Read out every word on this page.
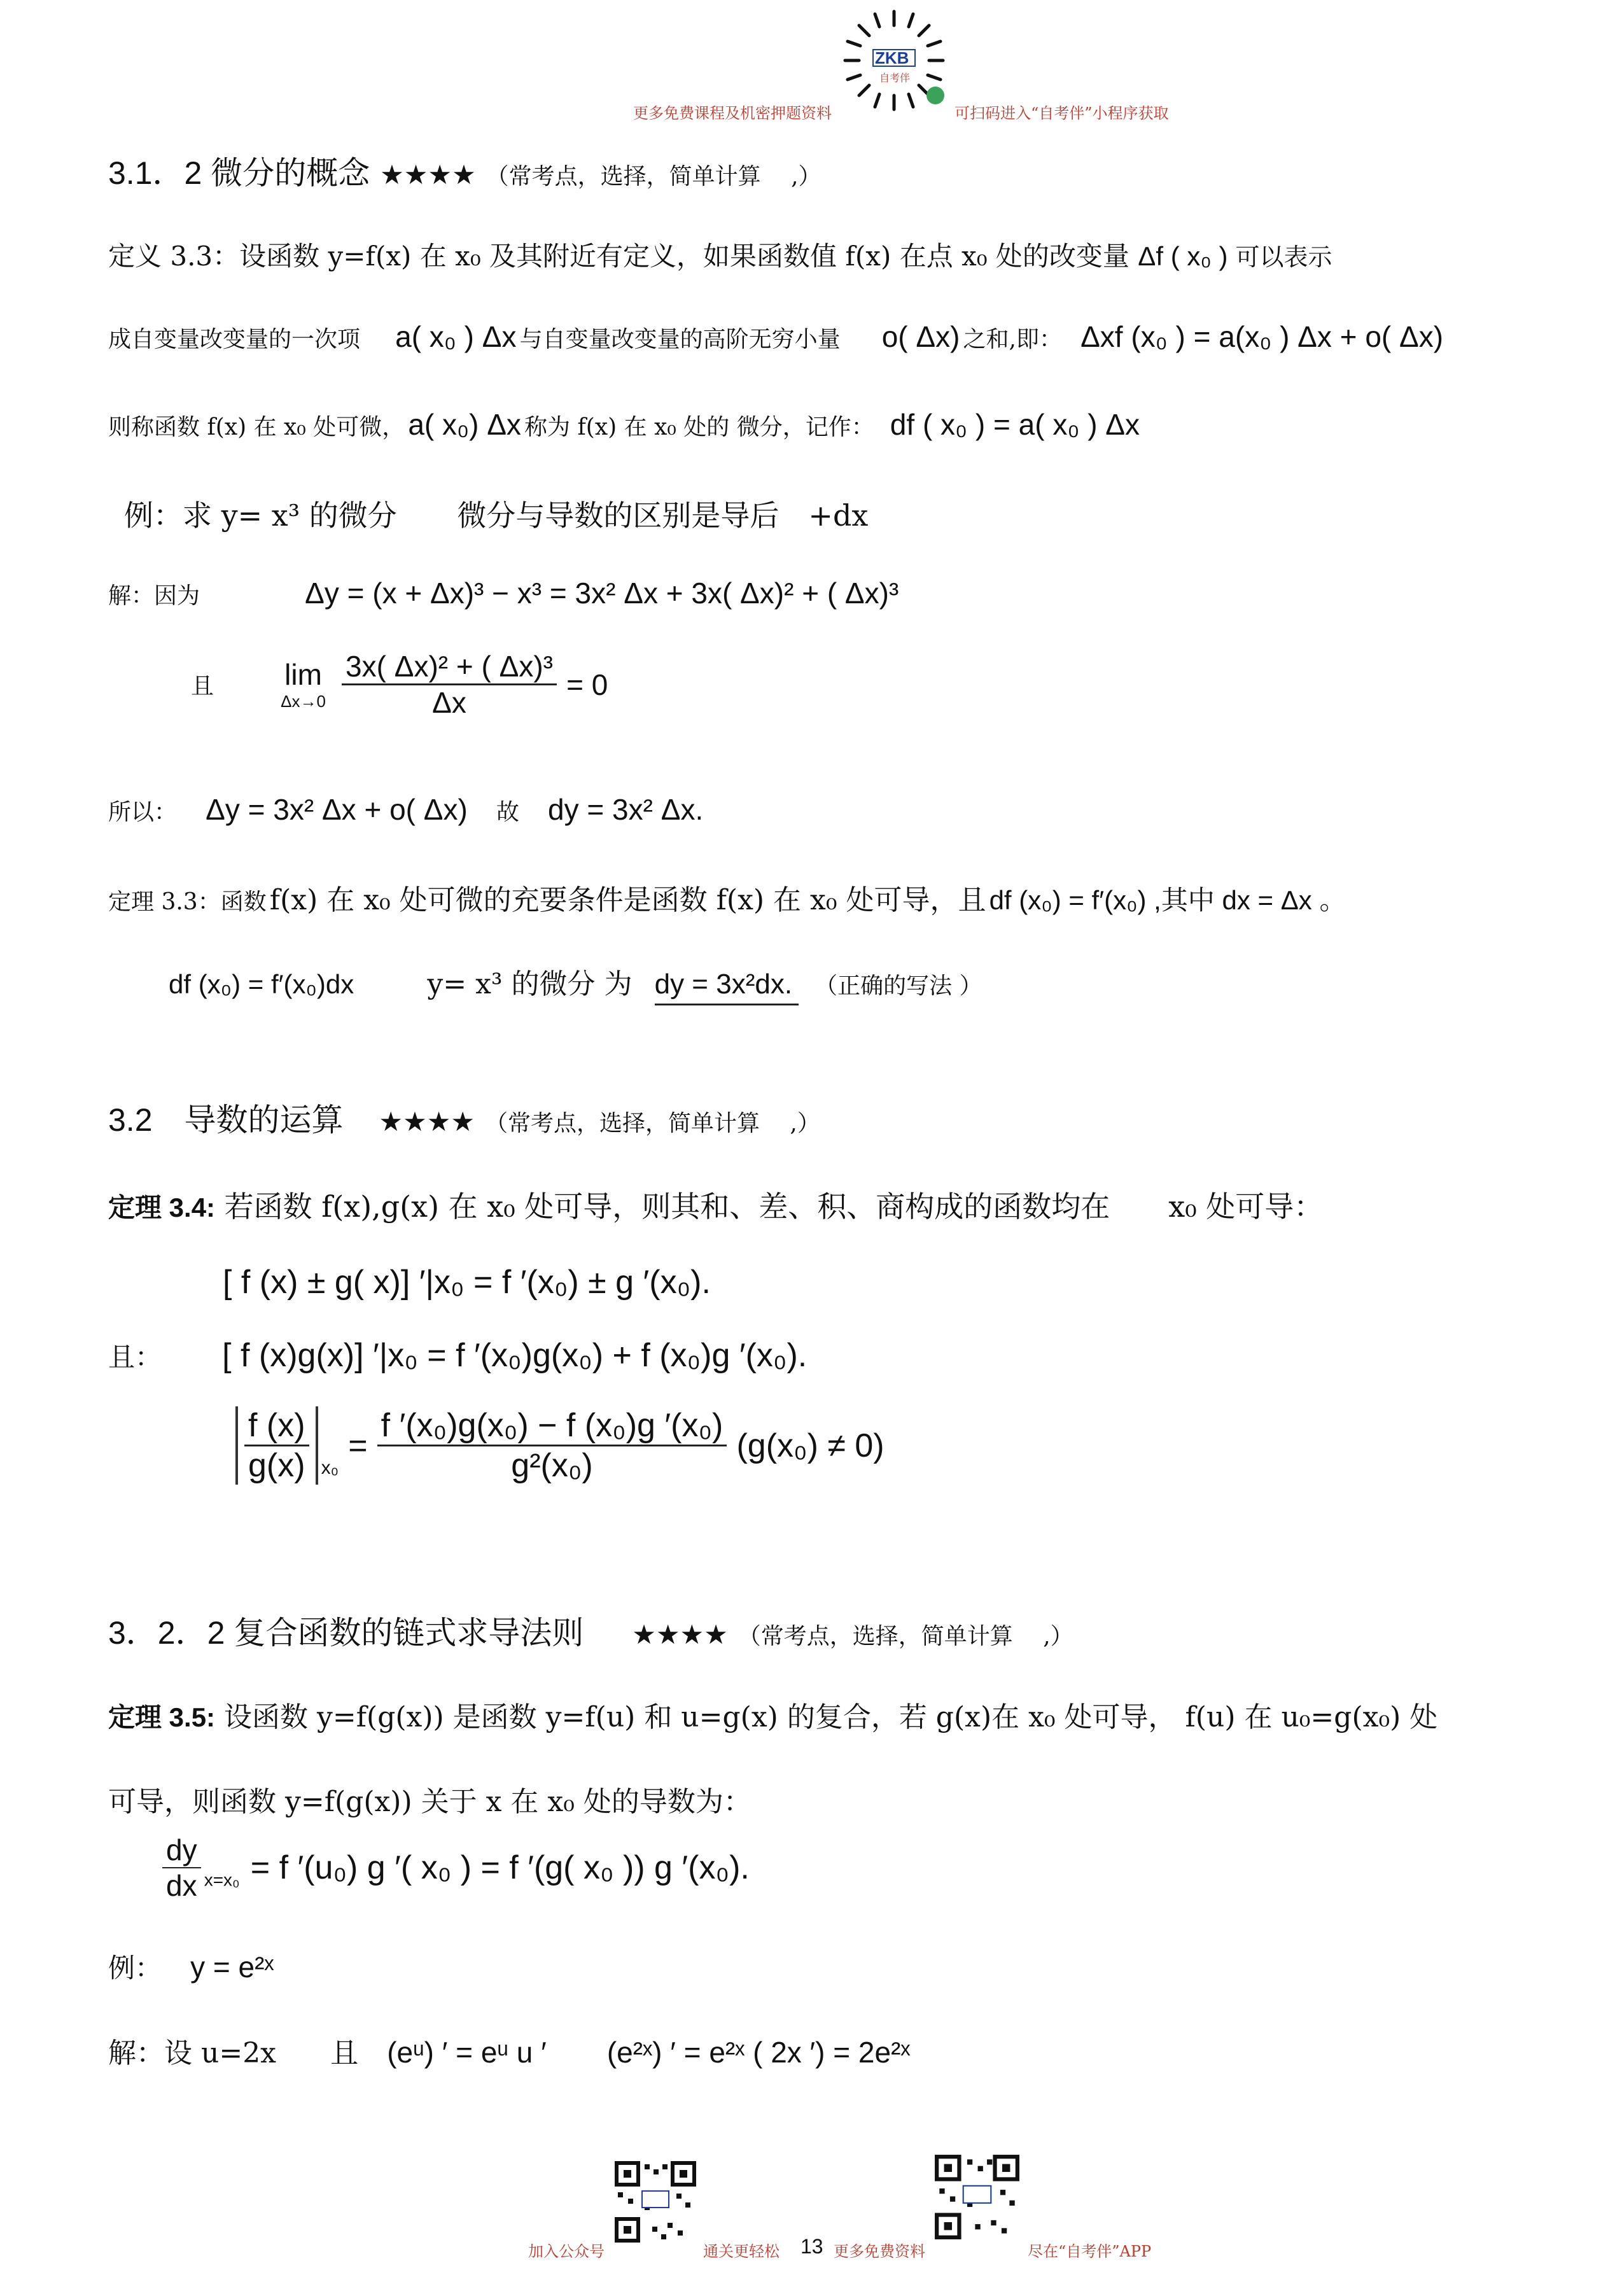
ZKB
自考伴
更多免费课程及机密押题资料	可扫码进入“自考伴”小程序获取
3.1．2 微分的概念 ★★★★ （常考点，选择，简单计算　 ,）
定义 3.3：设函数 y=f(x) 在 x₀ 及其附近有定义，如果函数值 f(x) 在点 x₀ 处的改变量 Δf ( x₀ ) 可以表示
成自变量改变量的一次项 a( x₀ ) Δx 与自变量改变量的高阶无穷小量 o( Δx) 之和,即： Δxf (x₀ ) = a(x₀ ) Δx + o( Δx)
则称函数 f(x) 在 x₀ 处可微， a( x₀) Δx 称为 f(x) 在 x₀ 处的 微分，记作： df ( x₀ ) = a( x₀ ) Δx
例：求 y= x³ 的微分 微分与导数的区别是导后　+dx
解：因为	Δy = (x + Δx)³ − x³ = 3x² Δx + 3x( Δx)² + ( Δx)³
且 lim
Δx→0
$\frac{\text{3x( Δx)² + ( Δx)³}}{\Delta x} = 0$
所以： Δy = 3x² Δx + o( Δx) 故 dy = 3x² Δx.
定理 3.3：函数 f(x) 在 x₀ 处可微的充要条件是函数 f(x) 在 x₀ 处可导，且 df (x₀) = f′(x₀) ,其中 dx = Δx 。
df (x₀) = f′(x₀)dx	y= x³ 的微分 为 dy = 3x²dx. （正确的写法 ）
3.2　导数的运算 ★★★★ （常考点，选择，简单计算　 ,）
定理 3.4: 若函数 f(x),g(x) 在 x₀ 处可导，则其和、差、积、商构成的函数均在　　x₀ 处可导：
[ f (x) ± g( x)] ′|x₀ = f ′(x₀) ± g ′(x₀).
且： [ f (x)g(x)] ′|x₀ = f ′(x₀)g(x₀) + f (x₀)g ′(x₀).
$\frac{f (x)}{g(x)} x_0 = \frac{\text{f ′(x₀)g(x₀) − f (x₀)g ′(x₀)}}{\text{g²(x₀)}} (g(x_0) \ne 0)$
3．2．2 复合函数的链式求导法则 ★★★★ （常考点，选择，简单计算　 ,）
定理 3.5: 设函数 y=f(g(x)) 是函数 y=f(u) 和 u=g(x) 的复合，若 g(x)在 x₀ 处可导， f(u) 在 u₀=g(x₀) 处
可导，则函数 y=f(g(x)) 关于 x 在 x₀ 处的导数为：
$\frac{dy}{dx} x=x_0 = f$ ′(u₀) g ′( x₀ ) = f ′(g( x₀ )) g ′(x₀).
例： y = e²ˣ
解：设 u=2x 且 (eᵘ) ′ = eᵘ u ′ (e²ˣ) ′ = e²ˣ ( 2x ′) = 2e²ˣ
加入公众号	通关更轻松 13 更多免费资料	尽在“自考伴”APP
